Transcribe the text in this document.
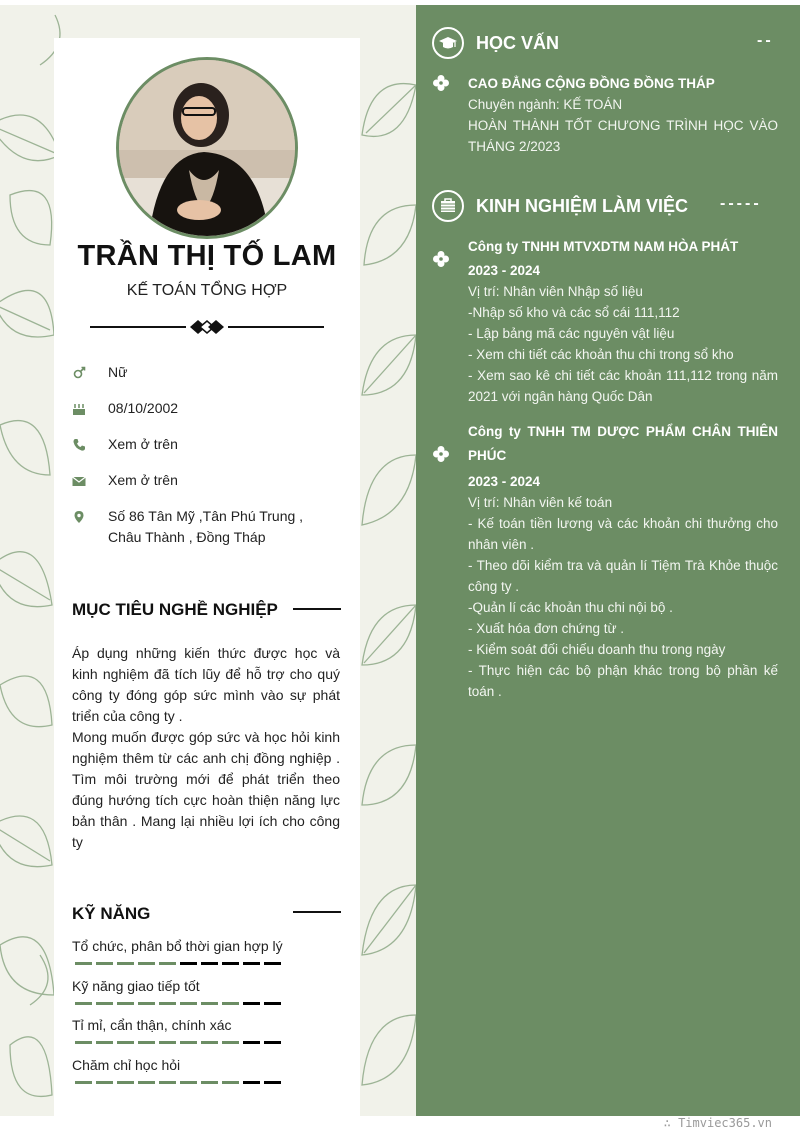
TRẦN THỊ TỐ LAM
KẾ TOÁN TỔNG HỢP
Nữ
08/10/2002
Xem ở trên
Xem ở trên
Số 86 Tân Mỹ ,Tân Phú Trung , Châu Thành , Đồng Tháp
MỤC TIÊU NGHỀ NGHIỆP

Áp dụng những kiến thức được học và kinh nghiệm đã tích lũy để hỗ trợ cho quý công ty đóng góp sức mình vào sự phát triển của công ty .

Mong muốn được góp sức và học hỏi kinh nghiệm thêm từ các anh chị đồng nghiệp . Tìm môi trường mới để phát triển theo đúng hướng tích cực hoàn thiện năng lực bản thân . Mang lại nhiều lợi ích cho công ty

KỸ NĂNG
Tổ chức, phân bổ thời gian hợp lý
Kỹ năng giao tiếp tốt
Tỉ mỉ, cẩn thận, chính xác
Chăm chỉ học hỏi
HỌC VẤN	--
CAO ĐẲNG CỘNG ĐỒNG ĐỒNG THÁP
Chuyên ngành: KẾ TOÁN
HOÀN THÀNH TỐT CHƯƠNG TRÌNH HỌC VÀO THÁNG 2/2023
KINH NGHIỆM LÀM VIỆC -----
Công ty TNHH MTVXDTM NAM HÒA PHÁT
2023 - 2024
Vị trí: Nhân viên Nhập số liệu
-Nhập số kho và các sổ cái 111,112
- Lập bảng mã các nguyên vật liệu
- Xem chi tiết các khoản thu chi trong sổ kho
- Xem sao kê chi tiết các khoản 111,112 trong năm 2021 với ngân hàng Quốc Dân
Công ty TNHH TM DƯỢC PHẨM CHÂN THIÊN PHÚC
2023 - 2024
Vị trí: Nhân viên kế toán
- Kế toán tiền lương và các khoản chi thưởng cho nhân viên .
- Theo dõi kiểm tra và quản lí Tiệm Trà Khỏe thuộc công ty .
-Quản lí các khoản thu chi nội bộ .
- Xuất hóa đơn chứng từ .
- Kiểm soát đối chiếu doanh thu trong ngày
- Thực hiện các bộ phận khác trong bộ phần kế toán .
∴ Timviec365.vn
